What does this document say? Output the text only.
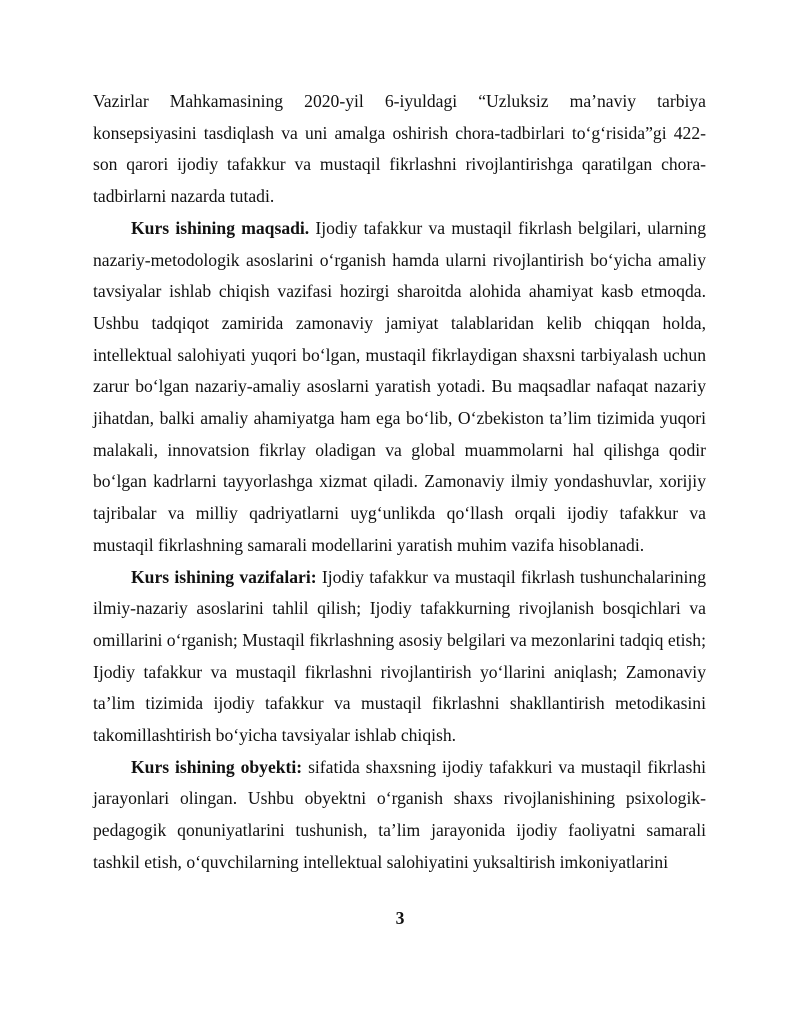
Vazirlar Mahkamasining 2020-yil 6-iyuldagi “Uzluksiz ma’naviy tarbiya konsepsiyasini tasdiqlash va uni amalga oshirish chora-tadbirlari to‘g‘risida”gi 422-son qarori ijodiy tafakkur va mustaqil fikrlashni rivojlantirishga qaratilgan chora-tadbirlarni nazarda tutadi.

Kurs ishining maqsadi. Ijodiy tafakkur va mustaqil fikrlash belgilari, ularning nazariy-metodologik asoslarini o‘rganish hamda ularni rivojlantirish bo‘yicha amaliy tavsiyalar ishlab chiqish vazifasi hozirgi sharoitda alohida ahamiyat kasb etmoqda. Ushbu tadqiqot zamirida zamonaviy jamiyat talablaridan kelib chiqqan holda, intellektual salohiyati yuqori bo‘lgan, mustaqil fikrlaydigan shaxsni tarbiyalash uchun zarur bo‘lgan nazariy-amaliy asoslarni yaratish yotadi. Bu maqsadlar nafaqat nazariy jihatdan, balki amaliy ahamiyatga ham ega bo‘lib, O‘zbekiston ta’lim tizimida yuqori malakali, innovatsion fikrlay oladigan va global muammolarni hal qilishga qodir bo‘lgan kadrlarni tayyorlashga xizmat qiladi. Zamonaviy ilmiy yondashuvlar, xorijiy tajribalar va milliy qadriyatlarni uyg‘unlikda qo‘llash orqali ijodiy tafakkur va mustaqil fikrlashning samarali modellarini yaratish muhim vazifa hisoblanadi.

Kurs ishining vazifalari: Ijodiy tafakkur va mustaqil fikrlash tushunchalarining ilmiy-nazariy asoslarini tahlil qilish; Ijodiy tafakkurning rivojlanish bosqichlari va omillarini o‘rganish; Mustaqil fikrlashning asosiy belgilari va mezonlarini tadqiq etish; Ijodiy tafakkur va mustaqil fikrlashni rivojlantirish yo‘llarini aniqlash; Zamonaviy ta’lim tizimida ijodiy tafakkur va mustaqil fikrlashni shakllantirish metodikasini takomillashtirish bo‘yicha tavsiyalar ishlab chiqish.

Kurs ishining obyekti: sifatida shaxsning ijodiy tafakkuri va mustaqil fikrlashi jarayonlari olingan. Ushbu obyektni o‘rganish shaxs rivojlanishining psixologik-pedagogik qonuniyatlarini tushunish, ta’lim jarayonida ijodiy faoliyatni samarali tashkil etish, o‘quvchilarning intellektual salohiyatini yuksaltirish imkoniyatlarini

3
